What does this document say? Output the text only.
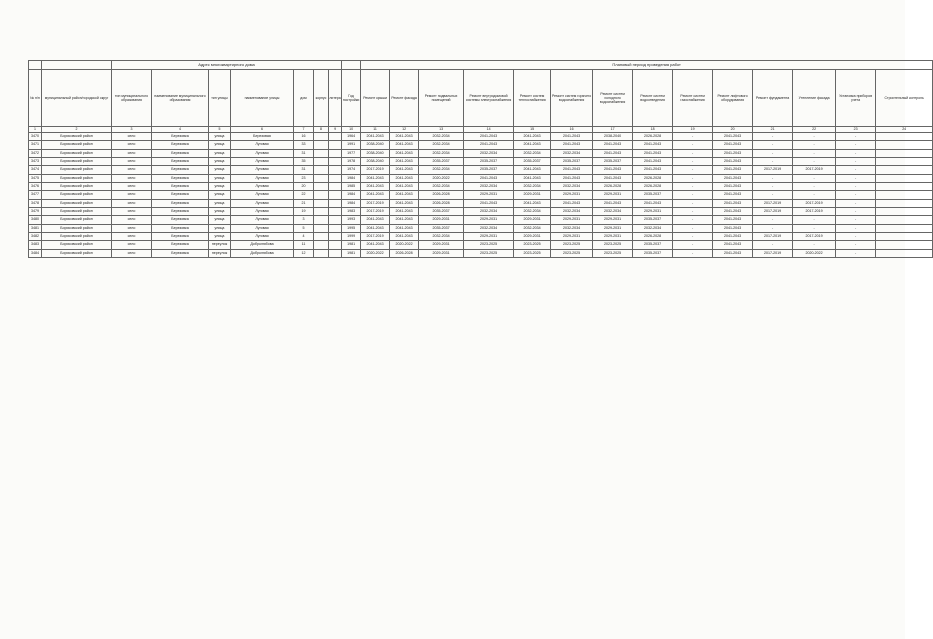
		Адрес многоквартирного дома								Плановый период проведения работ													
№ п/п	муниципальный район/городской округ	тип муниципального образования	наименование муниципального образования	тип улицы	наименование улицы	дом	корпус	литера	Год постройки	Ремонт крыши	Ремонт фасада	Ремонт подвальных помещений	Ремонт внутридомовой системы электроснабжения	Ремонт систем теплоснабжения	Ремонт систем горячего водоснабжения	Ремонт систем холодного водоснабжения	Ремонт систем водоотведения	Ремонт систем газоснабжения	Ремонт лифтового оборудования	Ремонт фундамента	Утепление фасада	Установка приборов учета	Строительный контроль
1	2	3	4	5	6	7	8	9	10	11	12	13	14	15	16	17	18	19	20	21	22	23	24
3470	Борисовский район	село	Березовка	улица	Березовая	16			1964	2041-2043	2041-2043	2032-2034	2041-2043	2041-2043	2041-2043	2038-2040	2026-2028	-	2041-2043	-	-	-	
3471	Борисовский район	село	Березовка	улица	Луговая	33			1991	2038-2040	2041-2043	2032-2034	2041-2043	2041-2043	2041-2043	2041-2043	2041-2043	-	2041-2043	-	-	-	
3472	Борисовский район	село	Березовка	улица	Луговая	31			1977	2038-2040	2041-2043	2032-2034	2032-2034	2032-2034	2032-2034	2041-2043	2041-2043	-	2041-2043	-	-	-	
3473	Борисовский район	село	Березовка	улица	Луговая	35			1978	2038-2040	2041-2043	2035-2037	2035-2037	2035-2037	2035-2037	2035-2037	2041-2043	-	2041-2043	-	-	-	
3474	Борисовский район	село	Березовка	улица	Луговая	31			1974	2017-2019	2041-2043	2032-2034	2035-2037	2041-2043	2041-2043	2041-2043	2041-2043	-	2041-2043	2017-2019	2017-2019	-	
3475	Борисовский район	село	Березовка	улица	Луговая	23			1984	2041-2043	2041-2043	2020-2022	2041-2043	2041-2043	2041-2043	2041-2043	2026-2028	-	2041-2043	-	-	-	
3476	Борисовский район	село	Березовка	улица	Луговая	20			1985	2041-2043	2041-2043	2032-2034	2032-2034	2032-2034	2032-2034	2026-2028	2026-2028	-	2041-2043	-	-	-	
3477	Борисовский район	село	Березовка	улица	Луговая	22			1984	2041-2043	2041-2043	2026-2028	2029-2031	2029-2031	2029-2031	2029-2031	2035-2037	-	2041-2043	-	-	-	
3478	Борисовский район	село	Березовка	улица	Луговая	21			1984	2017-2019	2041-2043	2026-2028	2041-2043	2041-2043	2041-2043	2041-2043	2041-2043	-	2041-2043	2017-2019	2017-2019	-	
3479	Борисовский район	село	Березовка	улица	Луговая	19			1983	2017-2019	2041-2043	2035-2037	2032-2034	2032-2034	2032-2034	2032-2034	2029-2031	-	2041-2043	2017-2019	2017-2019	-	
3480	Борисовский район	село	Березовка	улица	Луговая	3			1993	2041-2043	2041-2043	2029-2031	2029-2031	2029-2031	2029-2031	2029-2031	2035-2037	-	2041-2043	-	-	-	
3481	Борисовский район	село	Березовка	улица	Луговая	5			1995	2041-2043	2041-2043	2035-2037	2032-2034	2032-2034	2032-2034	2029-2031	2032-2034	-	2041-2043	-	-	-	
3482	Борисовский район	село	Березовка	улица	Луговая	4			1999	2017-2019	2041-2043	2032-2034	2029-2031	2029-2031	2029-2031	2029-2031	2026-2028	-	2041-2043	2017-2019	2017-2019	-	
3483	Борисовский район	село	Березовка	переулок	Добролюбова	11			1981	2041-2043	2020-2022	2029-2031	2023-2025	2023-2025	2023-2025	2023-2025	2035-2037	-	2041-2043	-	-	-	
3484	Борисовский район	село	Березовка	переулок	Добролюбова	12			1981	2020-2022	2026-2028	2029-2031	2023-2025	2023-2025	2023-2025	2023-2025	2035-2037	-	2041-2043	2017-2019	2020-2022	-	
